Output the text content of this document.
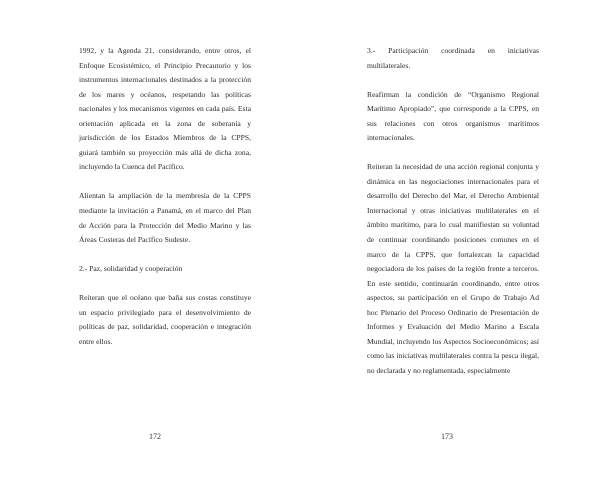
1992, y la Agenda 21, considerando, entre otros, el Enfoque Ecosistémico, el Principio Precautorio y los instrumentos internacionales destinados a la protección de los mares y océanos, respetando las políticas nacionales y los mecanismos vigentes en cada país. Esta orientación aplicada en la zona de soberanía y jurisdicción de los Estados Miembros de la CPPS, guiará también su proyección más allá de dicha zona, incluyendo la Cuenca del Pacífico.

Alientan la ampliación de la membresía de la CPPS mediante la invitación a Panamá, en el marco del Plan de Acción para la Protección del Medio Marino y las Áreas Costeras del Pacífico Sudeste.

2.- Paz, solidaridad y cooperación

Reiteran que el océano que baña sus costas constituye un espacio privilegiado para el desenvolvimiento de políticas de paz, solidaridad, cooperación e integración entre ellos.

172

3.- Participación coordinada en iniciativas multilaterales.

Reafirman la condición de “Organismo Regional Marítimo Apropiado”, que corresponde a la CPPS, en sus relaciones con otros organismos marítimos internacionales.

Reiteran la necesidad de una acción regional conjunta y dinámica en las negociaciones internacionales para el desarrollo del Derecho del Mar, el Derecho Ambiental Internacional y otras iniciativas multilaterales en el ámbito marítimo, para lo cual manifiestan su voluntad de continuar coordinando posiciones comunes en el marco de la CPPS, que fortalezcan la capacidad negociadora de los países de la región frente a terceros. En este sentido, continuarán coordinando, entre otros aspectos, su participación en el Grupo de Trabajo Ad hoc Plenario del Proceso Ordinario de Presentación de Informes y Evaluación del Medio Marino a Escala Mundial, incluyendo los Aspectos Socioeconómicos; así como las iniciativas multilaterales contra la pesca ilegal, no declarada y no reglamentada, especialmente

173
